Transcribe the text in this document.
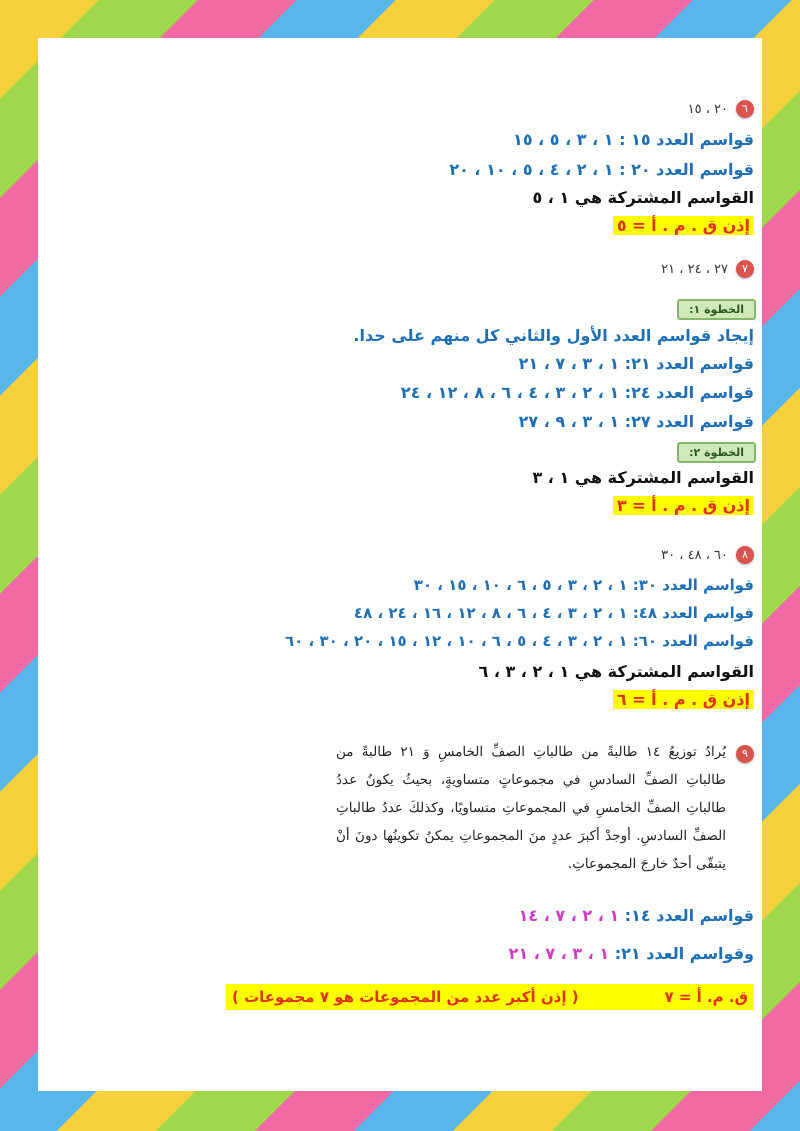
٦
٢٠ ، ١٥
قواسم العدد ١٥ : ١ ، ٣ ، ٥ ، ١٥
قواسم العدد ٢٠ : ١ ، ٢ ، ٤ ، ٥ ، ١٠ ، ٢٠
القواسم المشتركة هي ١ ، ٥
إذن ق . م . أ = ٥
٧
٢٧ ، ٢٤ ، ٢١
الخطوة ١:
إيجاد قواسم العدد الأول والثاني كل منهم على حدا.
قواسم العدد ٢١: ١ ، ٣ ، ٧ ، ٢١
قواسم العدد ٢٤: ١ ، ٢ ، ٣ ، ٤ ، ٦ ، ٨ ، ١٢ ، ٢٤
قواسم العدد ٢٧: ١ ، ٣ ، ٩ ، ٢٧
الخطوة ٢:
القواسم المشتركة هي ١ ، ٣
إذن ق . م . أ = ٣
٨
٦٠ ، ٤٨ ، ٣٠
قواسم العدد ٣٠: ١ ، ٢ ، ٣ ، ٥ ، ٦ ، ١٠ ، ١٥ ، ٣٠
قواسم العدد ٤٨: ١ ، ٢ ، ٣ ، ٤ ، ٦ ، ٨ ، ١٢ ، ١٦ ، ٢٤ ، ٤٨
قواسم العدد ٦٠: ١ ، ٢ ، ٣ ، ٤ ، ٥ ، ٦ ، ١٠ ، ١٢ ، ١٥ ، ٢٠ ، ٣٠ ، ٦٠
القواسم المشتركة هي ١ ، ٢ ، ٣ ، ٦
إذن ق . م . أ = ٦
٩
يُرادُ توزيعُ ١٤ طالبةً من طالباتِ الصفِّ الخامسِ وَ ٢١ طالبةً من طالباتِ الصفِّ السادسِ في مجموعاتٍ متساويةٍ، بحيثُ يكونُ عددُ طالباتِ الصفِّ الخامسِ في المجموعاتِ متساويًا، وكذلكَ عددُ طالباتِ الصفِّ السادسِ. أوجدْ أكبرَ عددٍ منَ المجموعاتِ يمكنُ تكوينُها دونَ أنْ يتبقّى أحدٌ خارجَ المجموعاتِ.
قواسم العدد ١٤: ١ ، ٢ ، ٧ ، ١٤
وقواسم العدد ٢١: ١ ، ٣ ، ٧ ، ٢١
ق. م. أ = ٧
( إذن أكبر عدد من المجموعات هو ٧ مجموعات )
